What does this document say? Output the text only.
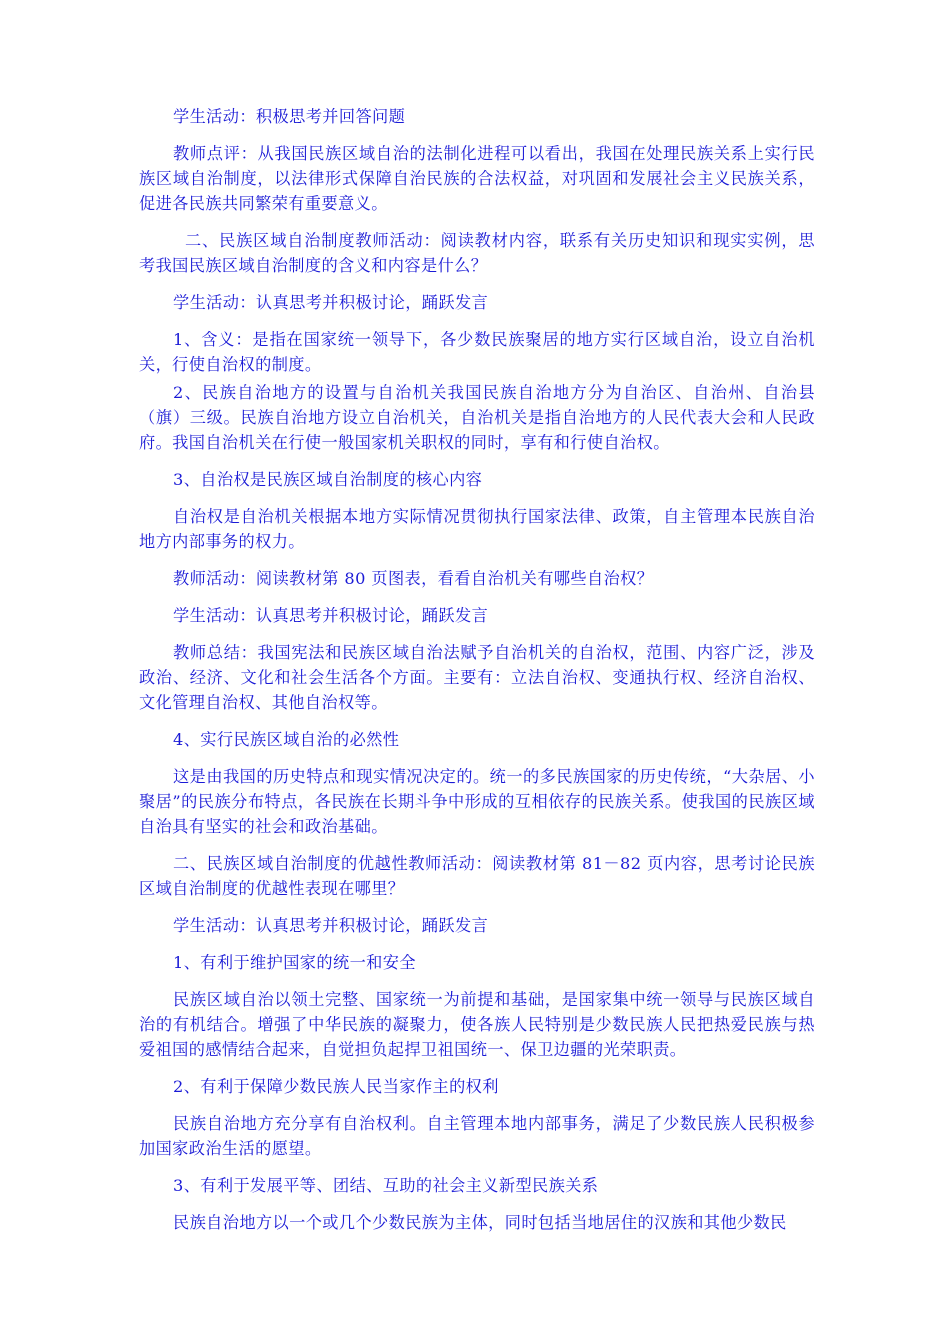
学生活动：积极思考并回答问题

教师点评：从我国民族区域自治的法制化进程可以看出，我国在处理民族关系上实行民族区域自治制度，以法律形式保障自治民族的合法权益，对巩固和发展社会主义民族关系，促进各民族共同繁荣有重要意义。

二、民族区域自治制度教师活动：阅读教材内容，联系有关历史知识和现实实例，思考我国民族区域自治制度的含义和内容是什么？

学生活动：认真思考并积极讨论，踊跃发言

1、含义：是指在国家统一领导下，各少数民族聚居的地方实行区域自治，设立自治机关，行使自治权的制度。

2、民族自治地方的设置与自治机关我国民族自治地方分为自治区、自治州、自治县（旗）三级。民族自治地方设立自治机关，自治机关是指自治地方的人民代表大会和人民政府。我国自治机关在行使一般国家机关职权的同时，享有和行使自治权。

3、自治权是民族区域自治制度的核心内容

自治权是自治机关根据本地方实际情况贯彻执行国家法律、政策，自主管理本民族自治地方内部事务的权力。

教师活动：阅读教材第 80 页图表，看看自治机关有哪些自治权？

学生活动：认真思考并积极讨论，踊跃发言

教师总结：我国宪法和民族区域自治法赋予自治机关的自治权，范围、内容广泛，涉及政治、经济、文化和社会生活各个方面。主要有：立法自治权、变通执行权、经济自治权、文化管理自治权、其他自治权等。

4、实行民族区域自治的必然性

这是由我国的历史特点和现实情况决定的。统一的多民族国家的历史传统，“大杂居、小聚居”的民族分布特点，各民族在长期斗争中形成的互相依存的民族关系。使我国的民族区域自治具有坚实的社会和政治基础。

二、民族区域自治制度的优越性教师活动：阅读教材第 81－82 页内容，思考讨论民族区域自治制度的优越性表现在哪里？

学生活动：认真思考并积极讨论，踊跃发言

1、有利于维护国家的统一和安全

民族区域自治以领土完整、国家统一为前提和基础，是国家集中统一领导与民族区域自治的有机结合。增强了中华民族的凝聚力，使各族人民特别是少数民族人民把热爱民族与热爱祖国的感情结合起来，自觉担负起捍卫祖国统一、保卫边疆的光荣职责。

2、有利于保障少数民族人民当家作主的权利

民族自治地方充分享有自治权利。自主管理本地内部事务，满足了少数民族人民积极参加国家政治生活的愿望。

3、有利于发展平等、团结、互助的社会主义新型民族关系

民族自治地方以一个或几个少数民族为主体，同时包括当地居住的汉族和其他少数民
